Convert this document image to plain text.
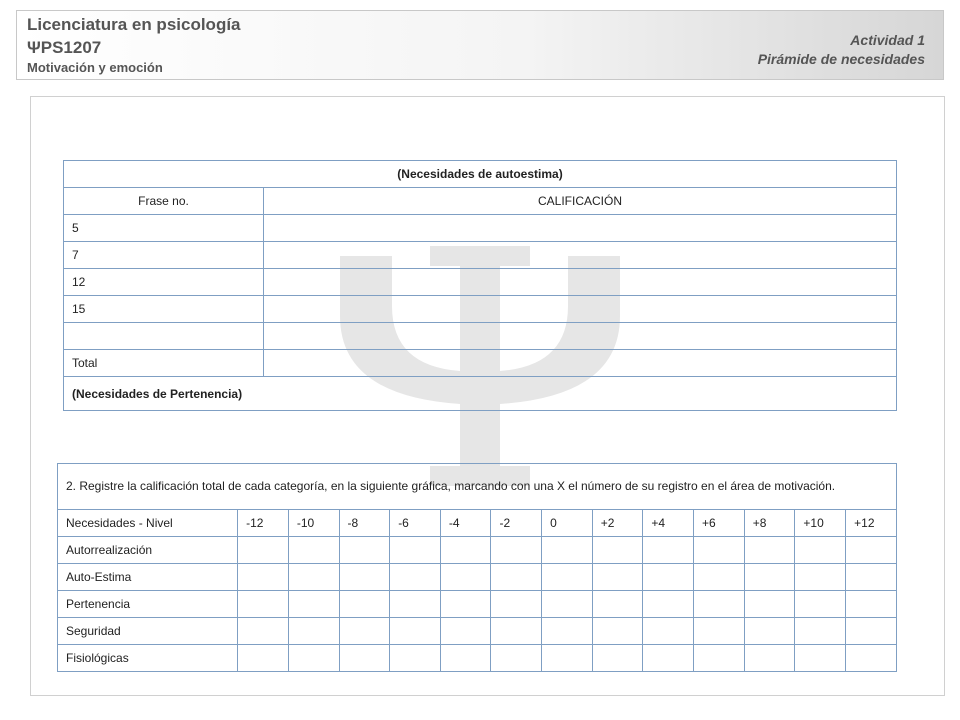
Licenciatura en psicología
ΨPS1207
Motivación y emoción
Actividad 1
Pirámide de necesidades
(Necesidades de autoestima)	
Frase no.	CALIFICACIÓN
5	
7	
12	
15	

Total	
(Necesidades de Pertenencia)	
2. Registre la calificación total de cada categoría, en la siguiente gráfica, marcando con una X el número de su registro en el área de motivación.													
Necesidades - Nivel	-12	-10	-8	-6	-4	-2	0	+2	+4	+6	+8	+10	+12
Autorrealización													
Auto-Estima													
Pertenencia													
Seguridad													
Fisiológicas													
